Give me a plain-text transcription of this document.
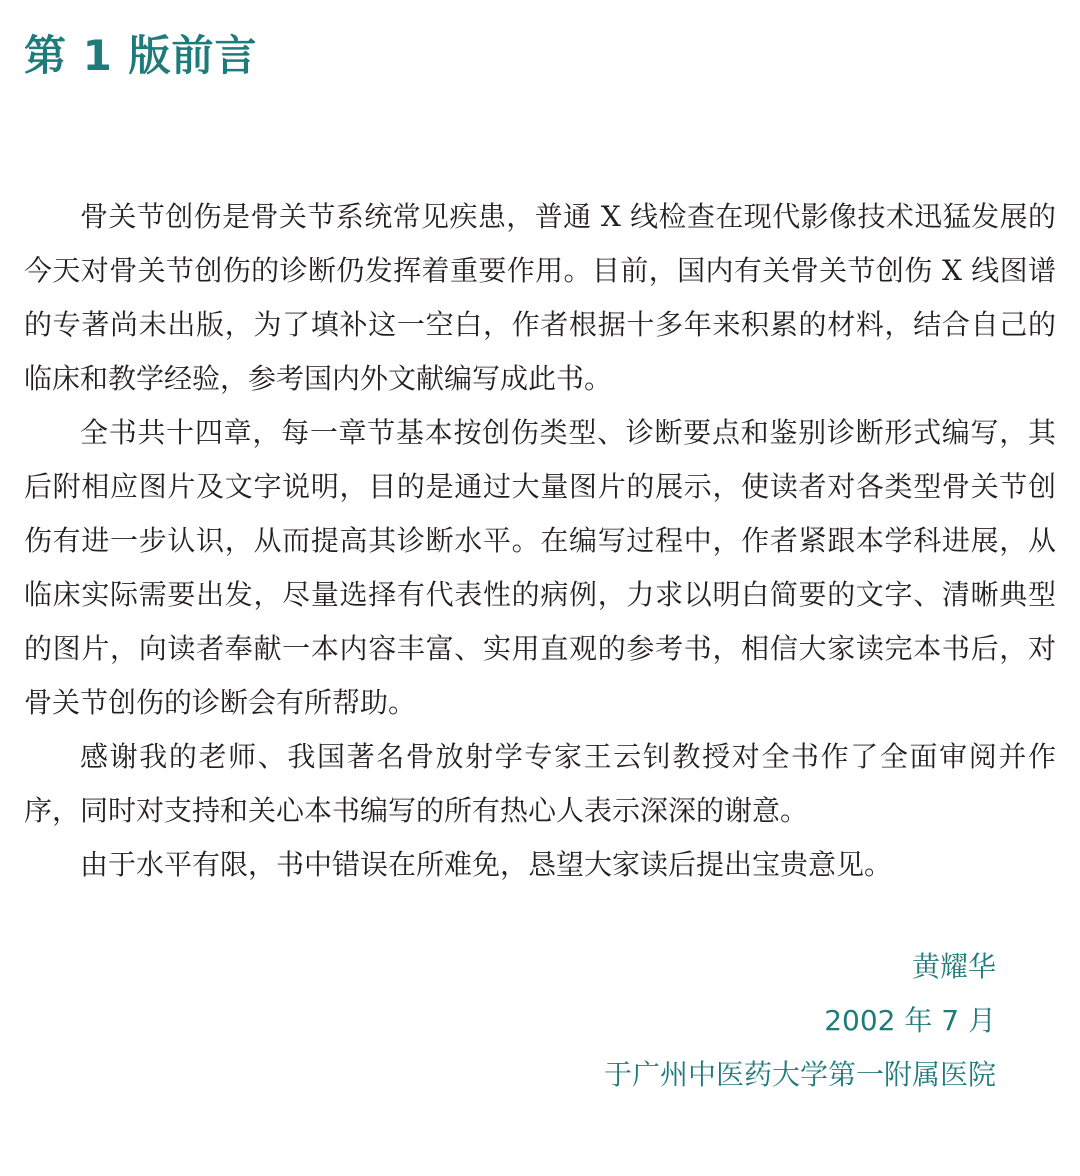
第 1 版前言

骨关节创伤是骨关节系统常见疾患，普通 X 线检查在现代影像技术迅猛发展的今天对骨关节创伤的诊断仍发挥着重要作用。目前，国内有关骨关节创伤 X 线图谱的专著尚未出版，为了填补这一空白，作者根据十多年来积累的材料，结合自己的临床和教学经验，参考国内外文献编写成此书。

全书共十四章，每一章节基本按创伤类型、诊断要点和鉴别诊断形式编写，其后附相应图片及文字说明，目的是通过大量图片的展示，使读者对各类型骨关节创伤有进一步认识，从而提高其诊断水平。在编写过程中，作者紧跟本学科进展，从临床实际需要出发，尽量选择有代表性的病例，力求以明白简要的文字、清晰典型的图片，向读者奉献一本内容丰富、实用直观的参考书，相信大家读完本书后，对骨关节创伤的诊断会有所帮助。

感谢我的老师、我国著名骨放射学专家王云钊教授对全书作了全面审阅并作序，同时对支持和关心本书编写的所有热心人表示深深的谢意。

由于水平有限，书中错误在所难免，恳望大家读后提出宝贵意见。

黄耀华
2002 年 7 月
于广州中医药大学第一附属医院
